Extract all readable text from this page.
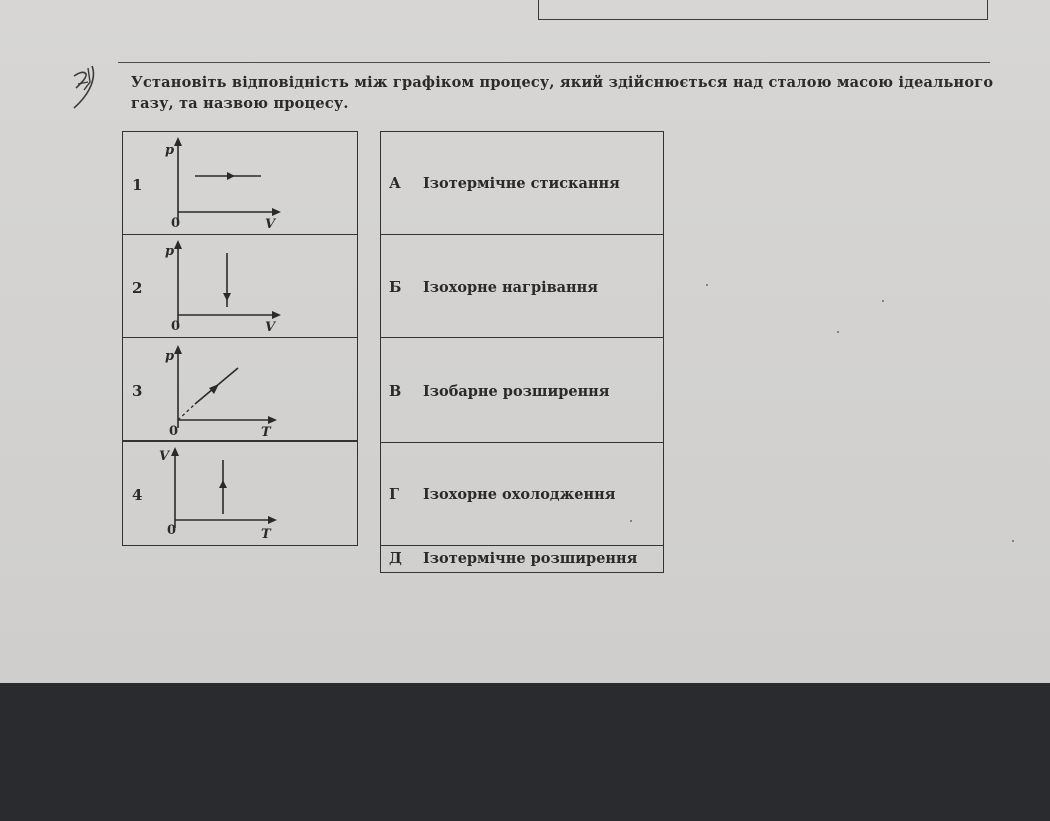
Установіть відповідність між графіком процесу, який здійснюється над сталою масою ідеального газу, та назвою процесу.
1
p
V
0
2
p
V
0
3
p
T
0
4
V
T
0
А Ізотермічне стискання
Б Ізохорне нагрівання
В Ізобарне розширення
Г Ізохорне охолодження
Д Ізотермічне розширення
